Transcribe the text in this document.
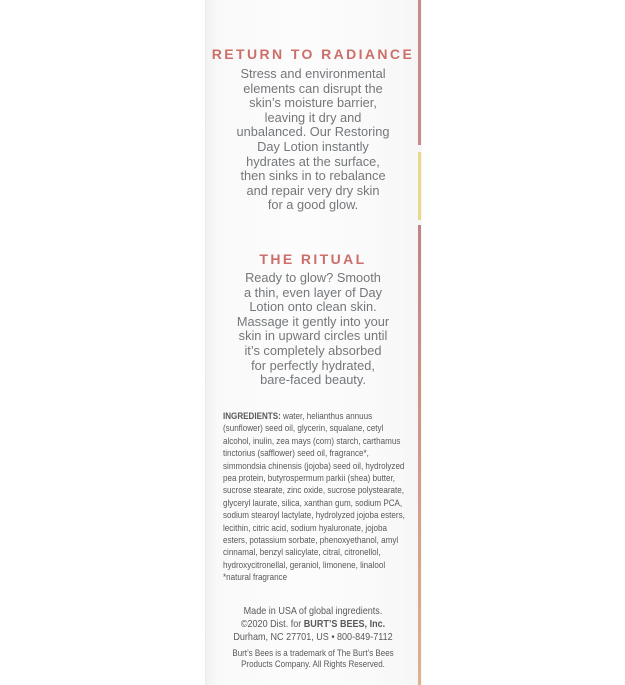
RETURN TO RADIANCE
Stress and environmental
elements can disrupt the
skin’s moisture barrier,
leaving it dry and
unbalanced. Our Restoring
Day Lotion instantly
hydrates at the surface,
then sinks in to rebalance
and repair very dry skin
for a good glow.
THE RITUAL
Ready to glow? Smooth
a thin, even layer of Day
Lotion onto clean skin.
Massage it gently into your
skin in upward circles until
it’s completely absorbed
for perfectly hydrated,
bare-faced beauty.
INGREDIENTS: water, helianthus annuus
(sunflower) seed oil, glycerin, squalane, cetyl
alcohol, inulin, zea mays (corn) starch, carthamus
tinctorius (safflower) seed oil, fragrance*,
simmondsia chinensis (jojoba) seed oil, hydrolyzed
pea protein, butyrospermum parkii (shea) butter,
sucrose stearate, zinc oxide, sucrose polystearate,
glyceryl laurate, silica, xanthan gum, sodium PCA,
sodium stearoyl lactylate, hydrolyzed jojoba esters,
lecithin, citric acid, sodium hyaluronate, jojoba
esters, potassium sorbate, phenoxyethanol, amyl
cinnamal, benzyl salicylate, citral, citronellol,
hydroxycitronellal, geraniol, limonene, linalool
*natural fragrance
Made in USA of global ingredients.
©2020 Dist. for BURT’S BEES, Inc.
Durham, NC 27701, US • 800-849-7112
Burt’s Bees is a trademark of The Burt’s Bees
Products Company. All Rights Reserved.
